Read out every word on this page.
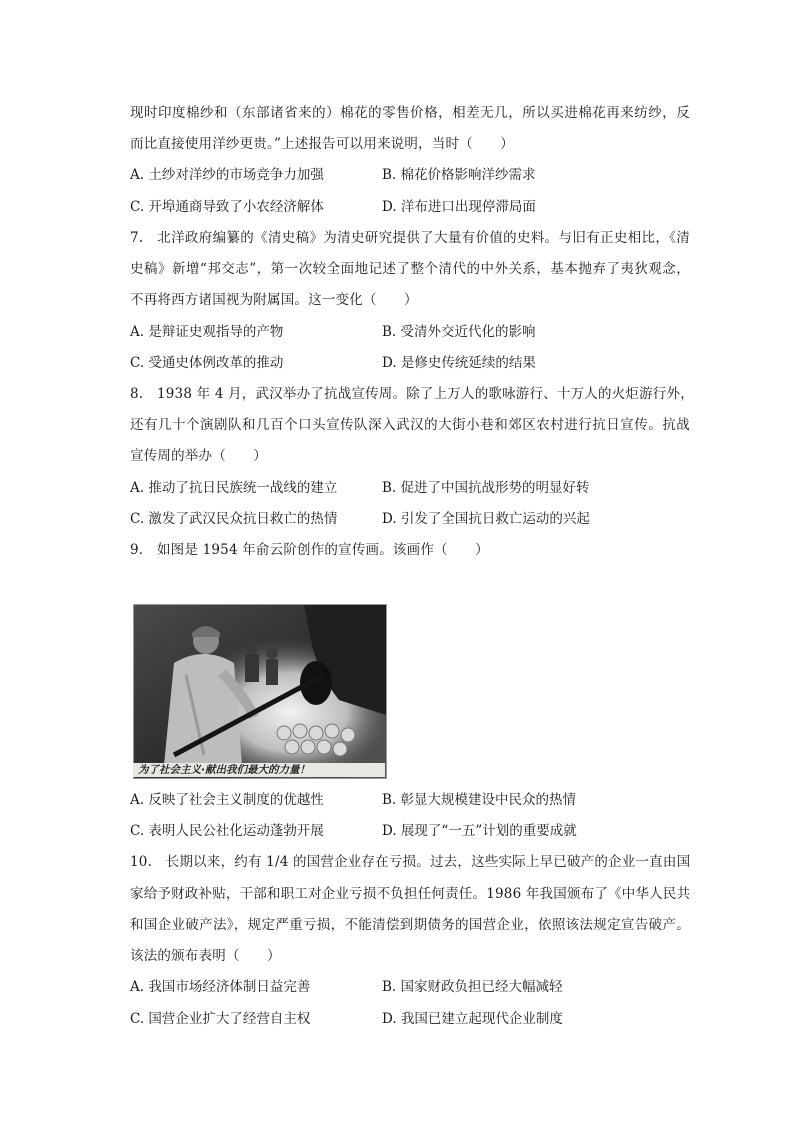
现时印度棉纱和（东部诸省来的）棉花的零售价格，相差无几，所以买进棉花再来纺纱，反
而比直接使用洋纱更贵。”上述报告可以用来说明，当时（　　）
A. 土纱对洋纱的市场竞争力加强	B. 棉花价格影响洋纱需求
C. 开埠通商导致了小农经济解体	D. 洋布进口出现停滞局面
7.　北洋政府编纂的《清史稿》为清史研究提供了大量有价值的史料。与旧有正史相比，《清
史稿》新增“邦交志”，第一次较全面地记述了整个清代的中外关系，基本抛弃了夷狄观念，
不再将西方诸国视为附属国。这一变化（　　）
A. 是辩证史观指导的产物	B. 受清外交近代化的影响
C. 受通史体例改革的推动	D. 是修史传统延续的结果
8.　1938 年 4 月，武汉举办了抗战宣传周。除了上万人的歌咏游行、十万人的火炬游行外，
还有几十个演剧队和几百个口头宣传队深入武汉的大街小巷和郊区农村进行抗日宣传。抗战
宣传周的举办（　　）
A. 推动了抗日民族统一战线的建立	B. 促进了中国抗战形势的明显好转
C. 激发了武汉民众抗日救亡的热情	D. 引发了全国抗日救亡运动的兴起
9.　如图是 1954 年俞云阶创作的宣传画。该画作（　　）
为了社会主义·献出我们最大的力量！
A. 反映了社会主义制度的优越性	B. 彰显大规模建设中民众的热情
C. 表明人民公社化运动蓬勃开展	D. 展现了“一五”计划的重要成就
10.　长期以来，约有 1/4 的国营企业存在亏损。过去，这些实际上早已破产的企业一直由国
家给予财政补贴，干部和职工对企业亏损不负担任何责任。1986 年我国颁布了《中华人民共
和国企业破产法》，规定严重亏损，不能清偿到期债务的国营企业，依照该法规定宣告破产。
该法的颁布表明（　　）
A. 我国市场经济体制日益完善	B. 国家财政负担已经大幅减轻
C. 国营企业扩大了经营自主权	D. 我国已建立起现代企业制度
